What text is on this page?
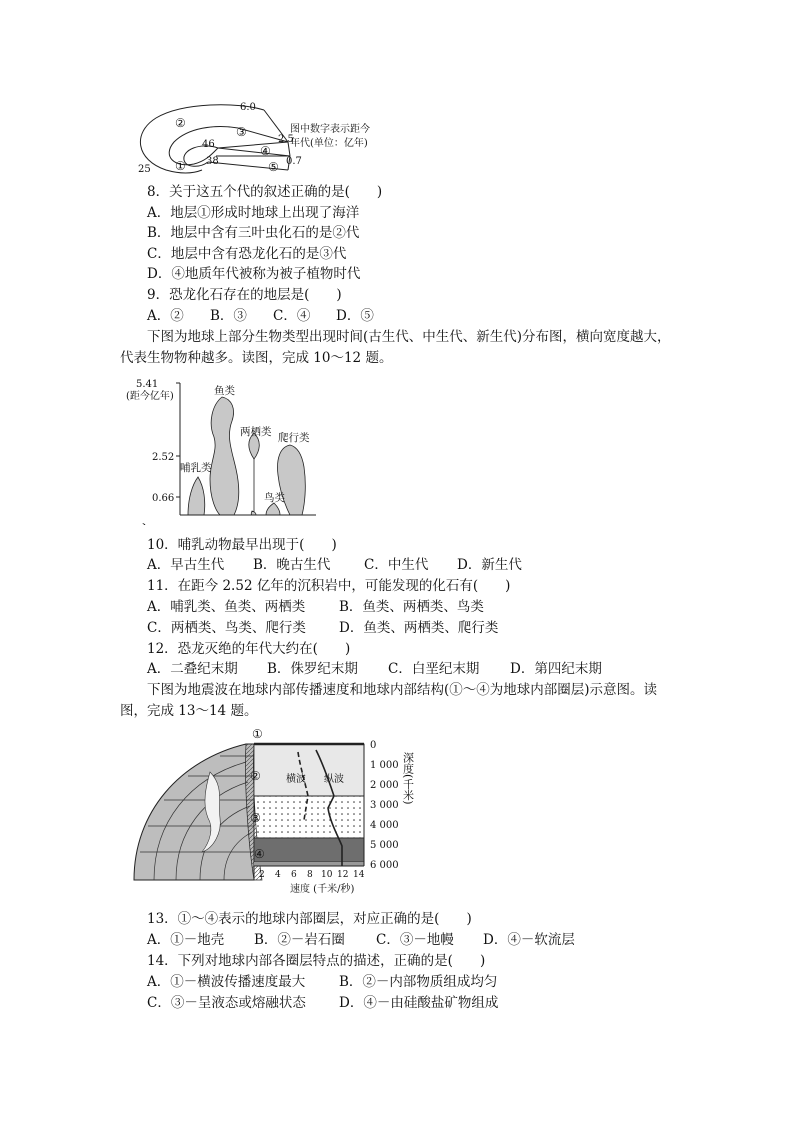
②
③
④
⑤
①
6.0
2.5
0.7
46
38
25
图中数字表示距今
年代(单位：亿年)
8．关于这五个代的叙述正确的是(　　)
A．地层①形成时地球上出现了海洋
B．地层中含有三叶虫化石的是②代
C．地层中含有恐龙化石的是③代
D．④地质年代被称为被子植物时代
9．恐龙化石存在的地层是(　　)
A．② B．③ C．④ D．⑤
下图为地球上部分生物类型出现时间(古生代、中生代、新生代)分布图，横向宽度越大，
代表生物物种越多。读图，完成 10～12 题。
5.41
(距今亿年)
2.52
0.66
鱼类
两栖类 爬行类
哺乳类
鸟类
、
10．哺乳动物最早出现于(　　)
A．早古生代 B．晚古生代 C．中生代 D．新生代
11．在距今 2.52 亿年的沉积岩中，可能发现的化石有(　　)
A．哺乳类、鱼类、两栖类	B．鱼类、两栖类、鸟类
C．两栖类、鸟类、爬行类 D．鱼类、两栖类、爬行类
12．恐龙灭绝的年代大约在(　　)
A．二叠纪末期 B．侏罗纪末期 C．白垩纪末期 D．第四纪末期
下图为地震波在地球内部传播速度和地球内部结构(①～④为地球内部圈层)示意图。读
图，完成 13～14 题。
①
②
③
④
横波 纵波
0
1 000
2 000
3 000
4 000
5 000
6 000
深度(千米)
2 4 6 8 10 12 14
速度 (千米/秒)
13．①～④表示的地球内部圈层，对应正确的是(　　)
A．①－地壳 B．②－岩石圈 C．③－地幔 D．④－软流层
14．下列对地球内部各圈层特点的描述，正确的是(　　)
A．①－横波传播速度最大	B．②－内部物质组成均匀
C．③－呈液态或熔融状态 D．④－由硅酸盐矿物组成
